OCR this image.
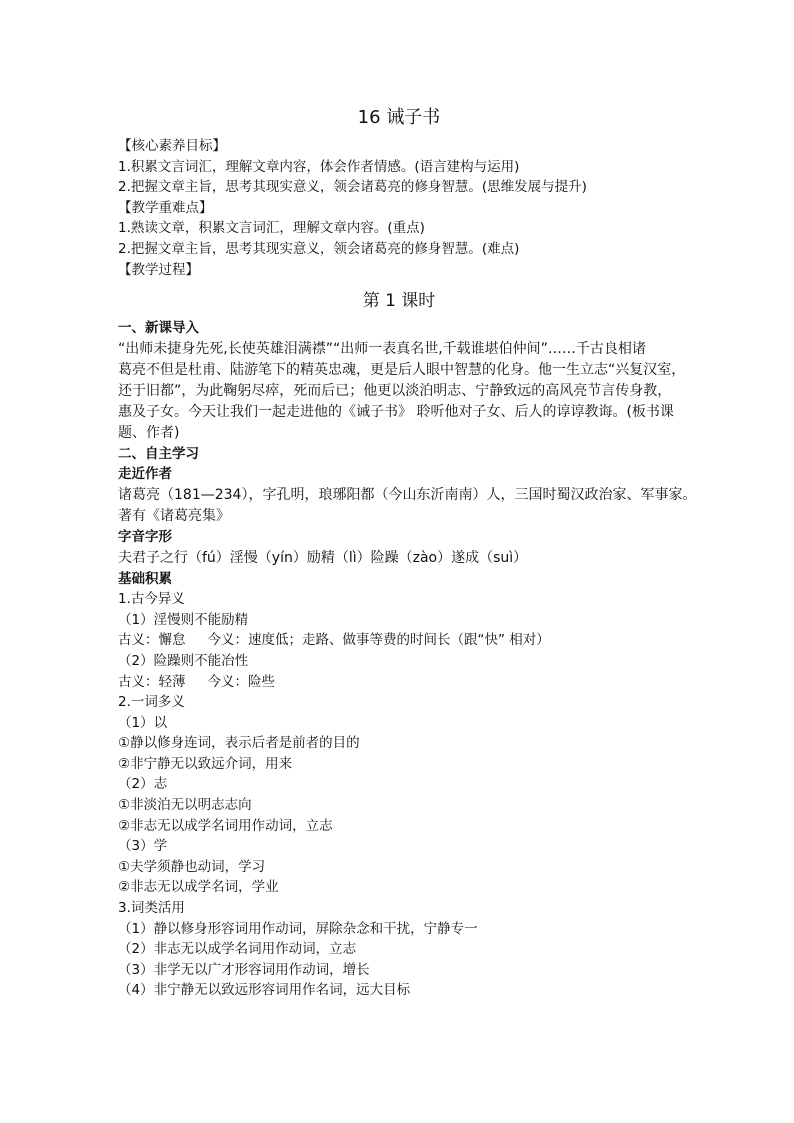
16 诫子书
【核心素养目标】
1.积累文言词汇，理解文章内容，体会作者情感。(语言建构与运用)
2.把握文章主旨，思考其现实意义，领会诸葛亮的修身智慧。(思维发展与提升)
【教学重难点】
1.熟读文章，积累文言词汇，理解文章内容。(重点)
2.把握文章主旨，思考其现实意义，领会诸葛亮的修身智慧。(难点)
【教学过程】
第 1 课时
一、新课导入
“出师未捷身先死,长使英雄泪满襟”“出师一表真名世,千载谁堪伯仲间”……千古良相诸
葛亮不但是杜甫、陆游笔下的精英忠魂，更是后人眼中智慧的化身。他一生立志“兴复汉室，
还于旧都”，为此鞠躬尽瘁，死而后已；他更以淡泊明志、宁静致远的高风亮节言传身教，
惠及子女。今天让我们一起走进他的《诫子书》 聆听他对子女、后人的谆谆教诲。(板书课
题、作者)
二、自主学习
走近作者
诸葛亮（181—234），字孔明，琅琊阳都（今山东沂南南）人，三国时蜀汉政治家、军事家。
著有《诸葛亮集》
字音字形
夫君子之行（fú）淫慢（yín）励精（lì）险躁（zào）遂成（suì）
基础积累
1.古今异义
（1）淫慢则不能励精
古义：懈怠 今义：速度低；走路、做事等费的时间长（跟“快” 相对）
（2）险躁则不能冶性
古义：轻薄 今义：险些
2.一词多义
（1）以
①静以修身连词，表示后者是前者的目的
②非宁静无以致远介词，用来
（2）志
①非淡泊无以明志志向
②非志无以成学名词用作动词，立志
（3）学
①夫学须静也动词，学习
②非志无以成学名词，学业
3.词类活用
（1）静以修身形容词用作动词，屏除杂念和干扰，宁静专一
（2）非志无以成学名词用作动词，立志
（3）非学无以广才形容词用作动词，增长
（4）非宁静无以致远形容词用作名词，远大目标
